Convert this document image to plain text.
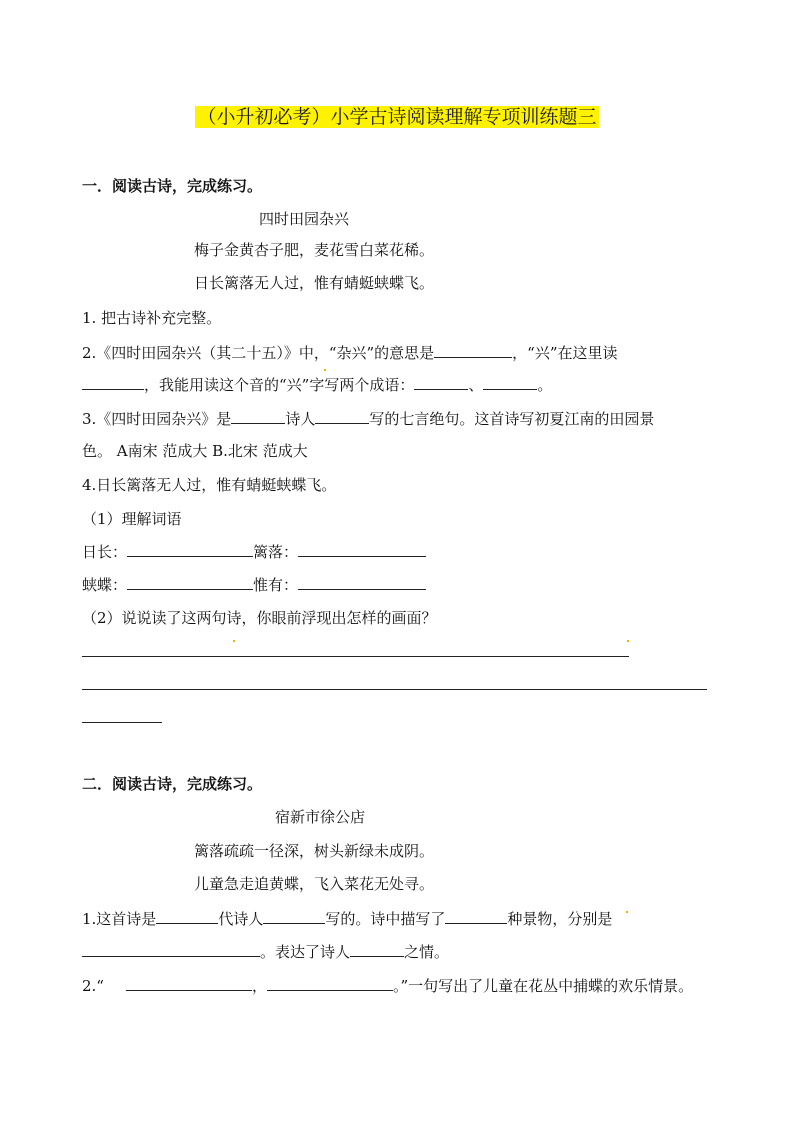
（小升初必考）小学古诗阅读理解专项训练题三
一．阅读古诗，完成练习。
四时田园杂兴
梅子金黄杏子肥，麦花雪白菜花稀。
日长篱落无人过，惟有蜻蜓蛱蝶飞。
1. 把古诗补充完整。
2.《四时田园杂兴（其二十五）》中，“杂兴”的意思是	，“兴”在这里读
，我能用读这个音的“兴”字写两个成语：	、	。
3.《四时田园杂兴》是	诗人	写的七言绝句。这首诗写初夏江南的田园景
色。 A南宋 范成大 B.北宋 范成大
4.日长篱落无人过，惟有蜻蜓蛱蝶飞。
（1）理解词语
日长：	篱落：
蛱蝶：	惟有：
（2）说说读了这两句诗，你眼前浮现出怎样的画面？
二．阅读古诗，完成练习。
宿新市徐公店
篱落疏疏一径深，树头新绿未成阴。
儿童急走追黄蝶，飞入菜花无处寻。
1.这首诗是	代诗人	写的。诗中描写了	种景物，分别是
。表达了诗人	之情。
2.“	，	。”一句写出了儿童在花丛中捕蝶的欢乐情景。
